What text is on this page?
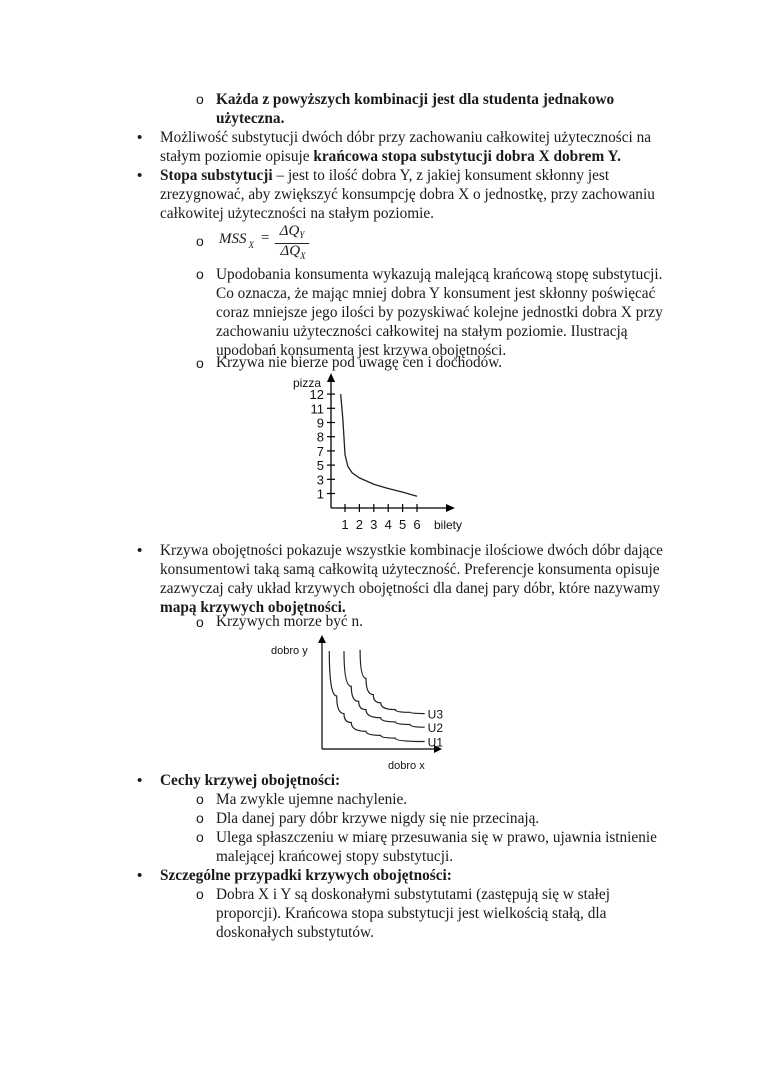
o Każda z powyższych kombinacji jest dla studenta jednakowo
użyteczna.
• Możliwość substytucji dwóch dóbr przy zachowaniu całkowitej użyteczności na
stałym poziomie opisuje krańcowa stopa substytucji dobra X dobrem Y.
• Stopa substytucji – jest to ilość dobra Y, z jakiej konsument skłonny jest
zrezygnować, aby zwiększyć konsumpcję dobra X o jednostkę, przy zachowaniu
całkowitej użyteczności na stałym poziomie.
o MSS $_X = \Delta Q_Y$
$\Delta Q_X$
o Upodobania konsumenta wykazują malejącą krańcową stopę substytucji.
Co oznacza, że mając mniej dobra Y konsument jest skłonny poświęcać
coraz mniejsze jego ilości by pozyskiwać kolejne jednostki dobra X przy
zachowaniu użyteczności całkowitej na stałym poziomie. Ilustracją
upodobań konsumenta jest krzywa obojętności.
o Krzywa nie bierze pod uwagę cen i dochodów.
pizza
bilety
1
3
5
7
8
9
11
12
1 2 3 4 5 6
• Krzywa obojętności pokazuje wszystkie kombinacje ilościowe dwóch dóbr dające
konsumentowi taką samą całkowitą użyteczność. Preferencje konsumenta opisuje
zazwyczaj cały układ krzywych obojętności dla danej pary dóbr, które nazywamy
mapą krzywych obojętności.
o Krzywych morze być n.
dobro y
dobro x
U1
U2
U3
• Cechy krzywej obojętności:
o Ma zwykle ujemne nachylenie.
o Dla danej pary dóbr krzywe nigdy się nie przecinają.
o Ulega spłaszczeniu w miarę przesuwania się w prawo, ujawnia istnienie
malejącej krańcowej stopy substytucji.
• Szczególne przypadki krzywych obojętności:
o Dobra X i Y są doskonałymi substytutami (zastępują się w stałej
proporcji). Krańcowa stopa substytucji jest wielkością stałą, dla
doskonałych substytutów.
